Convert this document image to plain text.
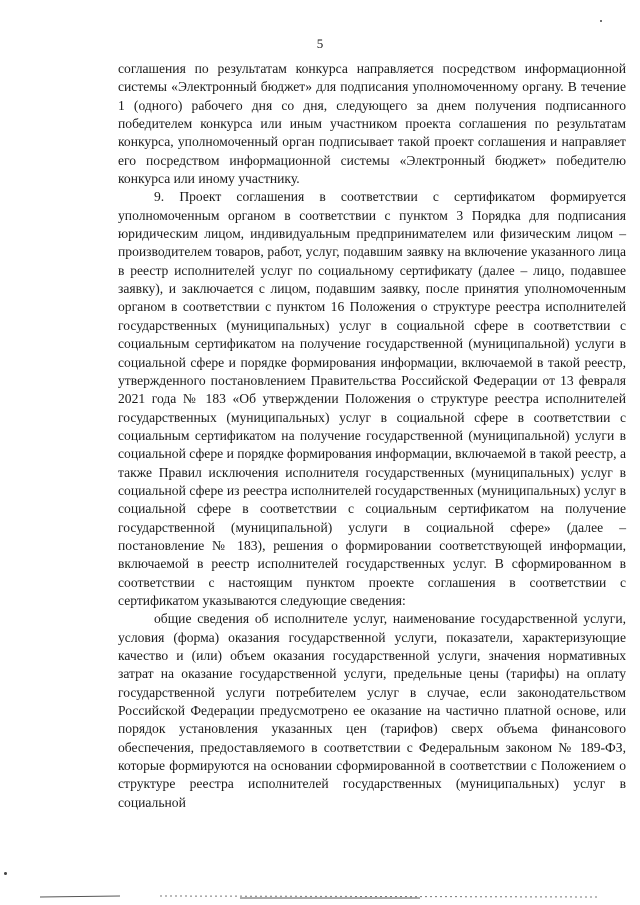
5

соглашения по результатам конкурса направляется посредством информационной системы «Электронный бюджет» для подписания уполномоченному органу. В течение 1 (одного) рабочего дня со дня, следующего за днем получения подписанного победителем конкурса или иным участником проекта соглашения по результатам конкурса, уполномоченный орган подписывает такой проект соглашения и направляет его посредством информационной системы «Электронный бюджет» победителю конкурса или иному участнику.

9. Проект соглашения в соответствии с сертификатом формируется уполномоченным органом в соответствии с пунктом 3 Порядка для подписания юридическим лицом, индивидуальным предпринимателем или физическим лицом – производителем товаров, работ, услуг, подавшим заявку на включение указанного лица в реестр исполнителей услуг по социальному сертификату (далее – лицо, подавшее заявку), и заключается с лицом, подавшим заявку, после принятия уполномоченным органом в соответствии с пунктом 16 Положения о структуре реестра исполнителей государственных (муниципальных) услуг в социальной сфере в соответствии с социальным сертификатом на получение государственной (муниципальной) услуги в социальной сфере и порядке формирования информации, включаемой в такой реестр, утвержденного постановлением Правительства Российской Федерации от 13 февраля 2021 года № 183 «Об утверждении Положения о структуре реестра исполнителей государственных (муниципальных) услуг в социальной сфере в соответствии с социальным сертификатом на получение государственной (муниципальной) услуги в социальной сфере и порядке формирования информации, включаемой в такой реестр, а также Правил исключения исполнителя государственных (муниципальных) услуг в социальной сфере из реестра исполнителей государственных (муниципальных) услуг в социальной сфере в соответствии с социальным сертификатом на получение государственной (муниципальной) услуги в социальной сфере» (далее – постановление № 183), решения о формировании соответствующей информации, включаемой в реестр исполнителей государственных услуг. В сформированном в соответствии с настоящим пунктом проекте соглашения в соответствии с сертификатом указываются следующие сведения:

общие сведения об исполнителе услуг, наименование государственной услуги, условия (форма) оказания государственной услуги, показатели, характеризующие качество и (или) объем оказания государственной услуги, значения нормативных затрат на оказание государственной услуги, предельные цены (тарифы) на оплату государственной услуги потребителем услуг в случае, если законодательством Российской Федерации предусмотрено ее оказание на частично платной основе, или порядок установления указанных цен (тарифов) сверх объема финансового обеспечения, предоставляемого в соответствии с Федеральным законом № 189-ФЗ, которые формируются на основании сформированной в соответствии с Положением о структуре реестра исполнителей государственных (муниципальных) услуг в социальной
